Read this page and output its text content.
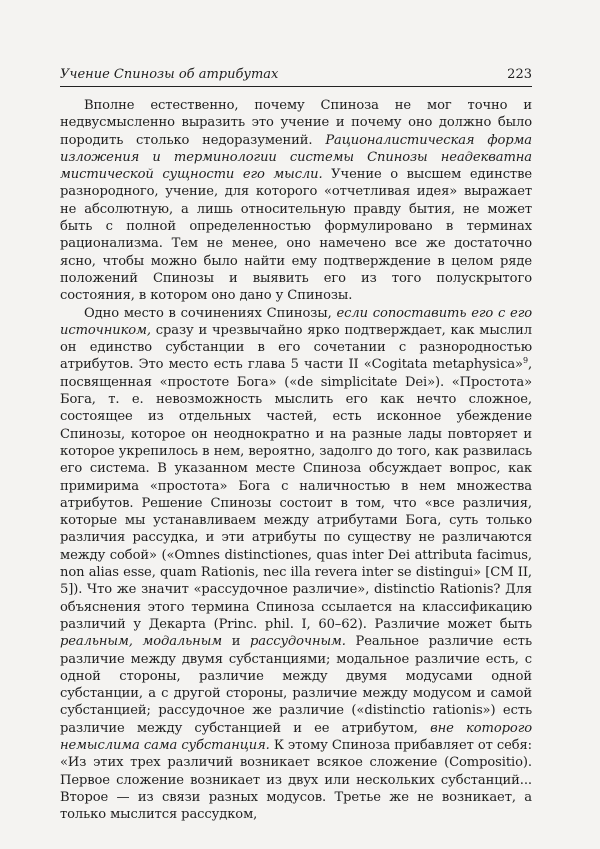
Учение Спинозы об атрибутах	223

Вполне естественно, почему Спиноза не мог точно и недвусмысленно выразить это учение и почему оно должно было породить столько недоразумений. Рационалистическая форма изложения и терминологии системы Спинозы неадекватна мистической сущности его мысли. Учение о высшем единстве разнородного, учение, для которого «отчетливая идея» выражает не абсолютную, а лишь относительную правду бытия, не может быть с полной определенностью формулировано в терминах рационализма. Тем не менее, оно намечено все же достаточно ясно, чтобы можно было найти ему подтверждение в целом ряде положений Спинозы и выявить его из того полускрытого состояния, в котором оно дано у Спинозы.

Одно место в сочинениях Спинозы, если сопоставить его с его источником, сразу и чрезвычайно ярко подтверждает, как мыслил он единство субстанции в его сочетании с разнородностью атрибутов. Это место есть глава 5 части II «Cogitata metaphysica»$^9$, посвященная «простоте Бога» («de simplicitate Dei»). «Простота» Бога, т. е. невозможность мыслить его как нечто сложное, состоящее из отдельных частей, есть исконное убеждение Спинозы, которое он неоднократно и на разные лады повторяет и которое укрепилось в нем, вероятно, задолго до того, как развилась его система. В указанном месте Спиноза обсуждает вопрос, как примирима «простота» Бога с наличностью в нем множества атрибутов. Решение Спинозы состоит в том, что «все различия, которые мы устанавливаем между атрибутами Бога, суть только различия рассудка, и эти атрибуты по существу не различаются между собой» («Omnes distinctiones, quas inter Dei attributa facimus, non alias esse, quam Rationis, nec illa revera inter se distingui» [CM II, 5]). Что же значит «рассудочное различие», distinctio Rationis? Для объяснения этого термина Спиноза ссылается на классификацию различий у Декарта (Princ. phil. I, 60–62). Различие может быть реальным, модальным и рассудочным. Реальное различие есть различие между двумя субстанциями; модальное различие есть, с одной стороны, различие между двумя модусами одной субстанции, а с другой стороны, различие между модусом и самой субстанцией; рассудочное же различие («distinctio rationis») есть различие между субстанцией и ее атрибутом, вне которого немыслима сама субстанция. К этому Спиноза прибавляет от себя: «Из этих трех различий возникает всякое сложение (Compositio). Первое сложение возникает из двух или нескольких субстанций... Второе — из связи разных модусов. Третье же не возникает, а только мыслится рассудком,
